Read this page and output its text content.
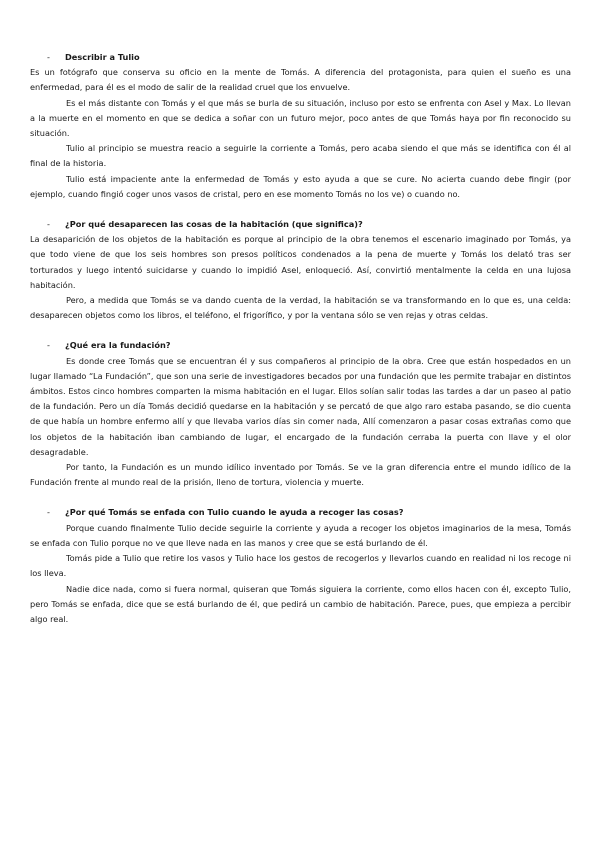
-	Describir a Tulio

Es un fotógrafo que conserva su oficio en la mente de Tomás. A diferencia del protagonista, para quien el sueño es una enfermedad, para él es el modo de salir de la realidad cruel que los envuelve.

Es el más distante con Tomás y el que más se burla de su situación, incluso por esto se enfrenta con Asel y Max. Lo llevan a la muerte en el momento en que se dedica a soñar con un futuro mejor, poco antes de que Tomás haya por fin reconocido su situación.

Tulio al principio se muestra reacio a seguirle la corriente a Tomás, pero acaba siendo el que más se identifica con él al final de la historia.

Tulio está impaciente ante la enfermedad de Tomás y esto ayuda a que se cure. No acierta cuando debe fingir (por ejemplo, cuando fingió coger unos vasos de cristal, pero en ese momento Tomás no los ve) o cuando no.

-	¿Por qué desaparecen las cosas de la habitación (que significa)?

La desaparición de los objetos de la habitación es porque al principio de la obra tenemos el escenario imaginado por Tomás, ya que todo viene de que los seis hombres son presos políticos condenados a la pena de muerte y Tomás los delató tras ser torturados y luego intentó suicidarse y cuando lo impidió Asel, enloqueció. Así, convirtió mentalmente la celda en una lujosa habitación.

Pero, a medida que Tomás se va dando cuenta de la verdad, la habitación se va transformando en lo que es, una celda: desaparecen objetos como los libros, el teléfono, el frigorífico, y por la ventana sólo se ven rejas y otras celdas.

-	¿Qué era la fundación?

Es donde cree Tomás que se encuentran él y sus compañeros al principio de la obra. Cree que están hospedados en un lugar llamado “La Fundación”, que son una serie de investigadores becados por una fundación que les permite trabajar en distintos ámbitos. Estos cinco hombres comparten la misma habitación en el lugar. Ellos solían salir todas las tardes a dar un paseo al patio de la fundación. Pero un día Tomás decidió quedarse en la habitación y se percató de que algo raro estaba pasando, se dio cuenta de que había un hombre enfermo allí y que llevaba varios días sin comer nada, Allí comenzaron a pasar cosas extrañas como que los objetos de la habitación iban cambiando de lugar, el encargado de la fundación cerraba la puerta con llave y el olor desagradable.

Por tanto, la Fundación es un mundo idílico inventado por Tomás. Se ve la gran diferencia entre el mundo idílico de la Fundación frente al mundo real de la prisión, lleno de tortura, violencia y muerte.

-	¿Por qué Tomás se enfada con Tulio cuando le ayuda a recoger las cosas?

Porque cuando finalmente Tulio decide seguirle la corriente y ayuda a recoger los objetos imaginarios de la mesa, Tomás se enfada con Tulio porque no ve que lleve nada en las manos y cree que se está burlando de él.

Tomás pide a Tulio que retire los vasos y Tulio hace los gestos de recogerlos y llevarlos cuando en realidad ni los recoge ni los lleva.

Nadie dice nada, como si fuera normal, quiseran que Tomás siguiera la corriente, como ellos hacen con él, excepto Tulio, pero Tomás se enfada, dice que se está burlando de él, que pedirá un cambio de habitación. Parece, pues, que empieza a percibir algo real.
